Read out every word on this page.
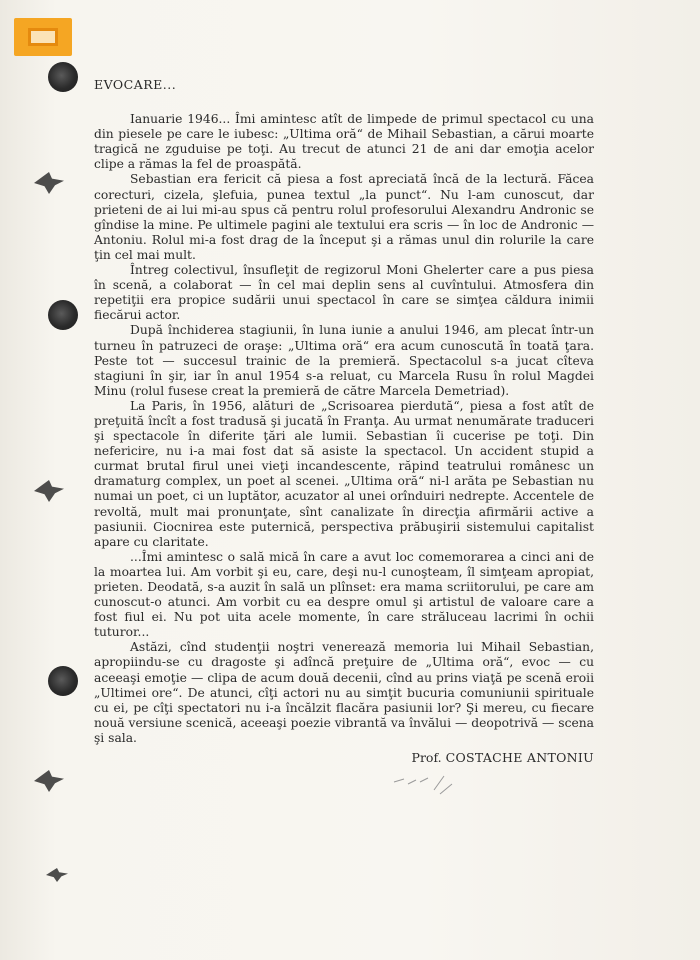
EVOCARE...

Ianuarie 1946... Îmi amintesc atît de limpede de primul spectacol cu una din piesele pe care le iubesc: „Ultima oră“ de Mihail Sebastian, a cărui moarte tragică ne zguduise pe toţi. Au trecut de atunci 21 de ani dar emoţia acelor clipe a rămas la fel de proaspătă.

Sebastian era fericit că piesa a fost apreciată încă de la lectură. Făcea corecturi, cizela, şlefuia, punea textul „la punct“. Nu l-am cunoscut, dar prieteni de ai lui mi-au spus că pentru rolul profesorului Alexandru Andronic se gîndise la mine. Pe ultimele pagini ale textului era scris — în loc de Andronic — Antoniu. Rolul mi-a fost drag de la început şi a rămas unul din rolurile la care ţin cel mai mult.

Întreg colectivul, însufleţit de regizorul Moni Ghelerter care a pus piesa în scenă, a colaborat — în cel mai deplin sens al cuvîntului. Atmosfera din repetiţii era propice sudării unui spectacol în care se simţea căldura inimii fiecărui actor.

După închiderea stagiunii, în luna iunie a anului 1946, am plecat într-un turneu în patruzeci de oraşe: „Ultima oră“ era acum cunoscută în toată ţara. Peste tot — succesul trainic de la premieră. Spectacolul s-a jucat cîteva stagiuni în şir, iar în anul 1954 s-a reluat, cu Marcela Rusu în rolul Magdei Minu (rolul fusese creat la premieră de către Marcela Demetriad).

La Paris, în 1956, alături de „Scrisoarea pierdută“, piesa a fost atît de preţuită încît a fost tradusă şi jucată în Franţa. Au urmat nenumărate traduceri şi spectacole în diferite ţări ale lumii. Sebastian îi cucerise pe toţi. Din nefericire, nu i-a mai fost dat să asiste la spectacol. Un accident stupid a curmat brutal firul unei vieţi incandescente, răpind teatrului românesc un dramaturg complex, un poet al scenei. „Ultima oră“ ni-l arăta pe Sebastian nu numai un poet, ci un luptător, acuzator al unei orînduiri nedrepte. Accentele de revoltă, mult mai pronunţate, sînt canalizate în direcţia afirmării active a pasiunii. Ciocnirea este puternică, perspectiva prăbuşirii sistemului capitalist apare cu claritate.

...Îmi amintesc o sală mică în care a avut loc comemorarea a cinci ani de la moartea lui. Am vorbit şi eu, care, deşi nu-l cunoşteam, îl simţeam apropiat, prieten. Deodată, s-a auzit în sală un plînset: era mama scriitorului, pe care am cunoscut-o atunci. Am vorbit cu ea despre omul şi artistul de valoare care a fost fiul ei. Nu pot uita acele momente, în care străluceau lacrimi în ochii tuturor...

Astăzi, cînd studenţii noştri venerează memoria lui Mihail Sebastian, apropiindu-se cu dragoste şi adîncă preţuire de „Ultima oră“, evoc — cu aceeaşi emoţie — clipa de acum două decenii, cînd au prins viaţă pe scenă eroii „Ultimei ore“. De atunci, cîţi actori nu au simţit bucuria comuniunii spirituale cu ei, pe cîţi spectatori nu i-a încălzit flacăra pasiunii lor? Şi mereu, cu fiecare nouă versiune scenică, aceeaşi poezie vibrantă va învălui — deopotrivă — scena şi sala.

Prof. COSTACHE ANTONIU
